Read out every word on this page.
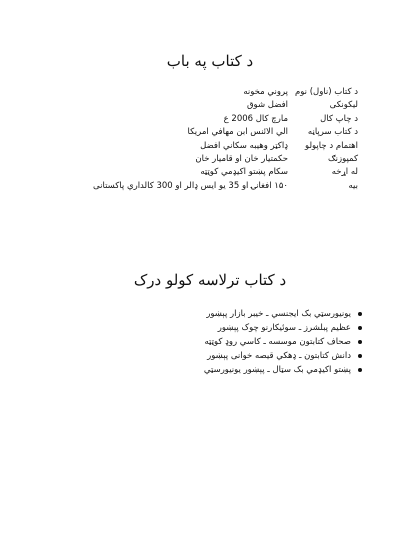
د کتاب په باب
د کتاب (ناول) نوم	پروني مخونه
ليکونکی	افضل شوق
د چاپ کال	مارچ کال 2006 ع
د کتاب سرپاڼه	الي الائنس ابن مهافي امريکا
اهتمام د چاپولو	ډاکټر وهيبه سکاني افضل
کمپوزنګ	حکمتيار خان او قاميار خان
له اړخه	سکام پښتو اکيډمي کوټټه
بيه	۱۵۰ افغانۍ او 35 يو ايس ډالر او 300 کالداري پاکستانی
د کتاب ترلاسه کولو درک
يونيورسټي بک ايجنسي ـ خيبر بازار پېښور
عظيم پبلشرز ـ سوئيکارنو چوک پېښور
صحاف کتابتون موسسه ـ کاسي روډ کوټټه
دانش کتابتون ـ ډهکي قيصه خوانی پېښور
پښتو اکيډمي بک سټال ـ پېښور يونيورسټي
